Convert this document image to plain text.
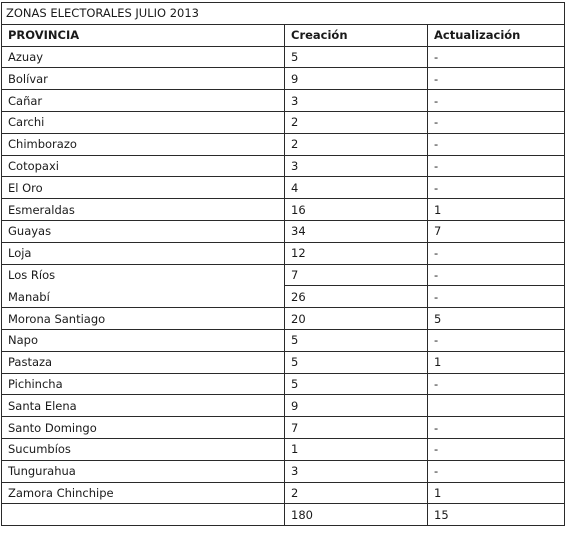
ZONAS ELECTORALES JULIO 2013		
PROVINCIA	Creación	Actualización
Azuay	5	-
Bolívar	9	-
Cañar	3	-
Carchi	2	-
Chimborazo	2	-
Cotopaxi	3	-
El Oro	4	-
Esmeraldas	16	1
Guayas	34	7
Loja	12	-
Los Ríos	7	-
Manabí	26	-
Morona Santiago	20	5
Napo	5	-
Pastaza	5	1
Pichincha	5	-
Santa Elena	9	
Santo Domingo	7	-
Sucumbíos	1	-
Tungurahua	3	-
Zamora Chinchipe	2	1
	180	15
